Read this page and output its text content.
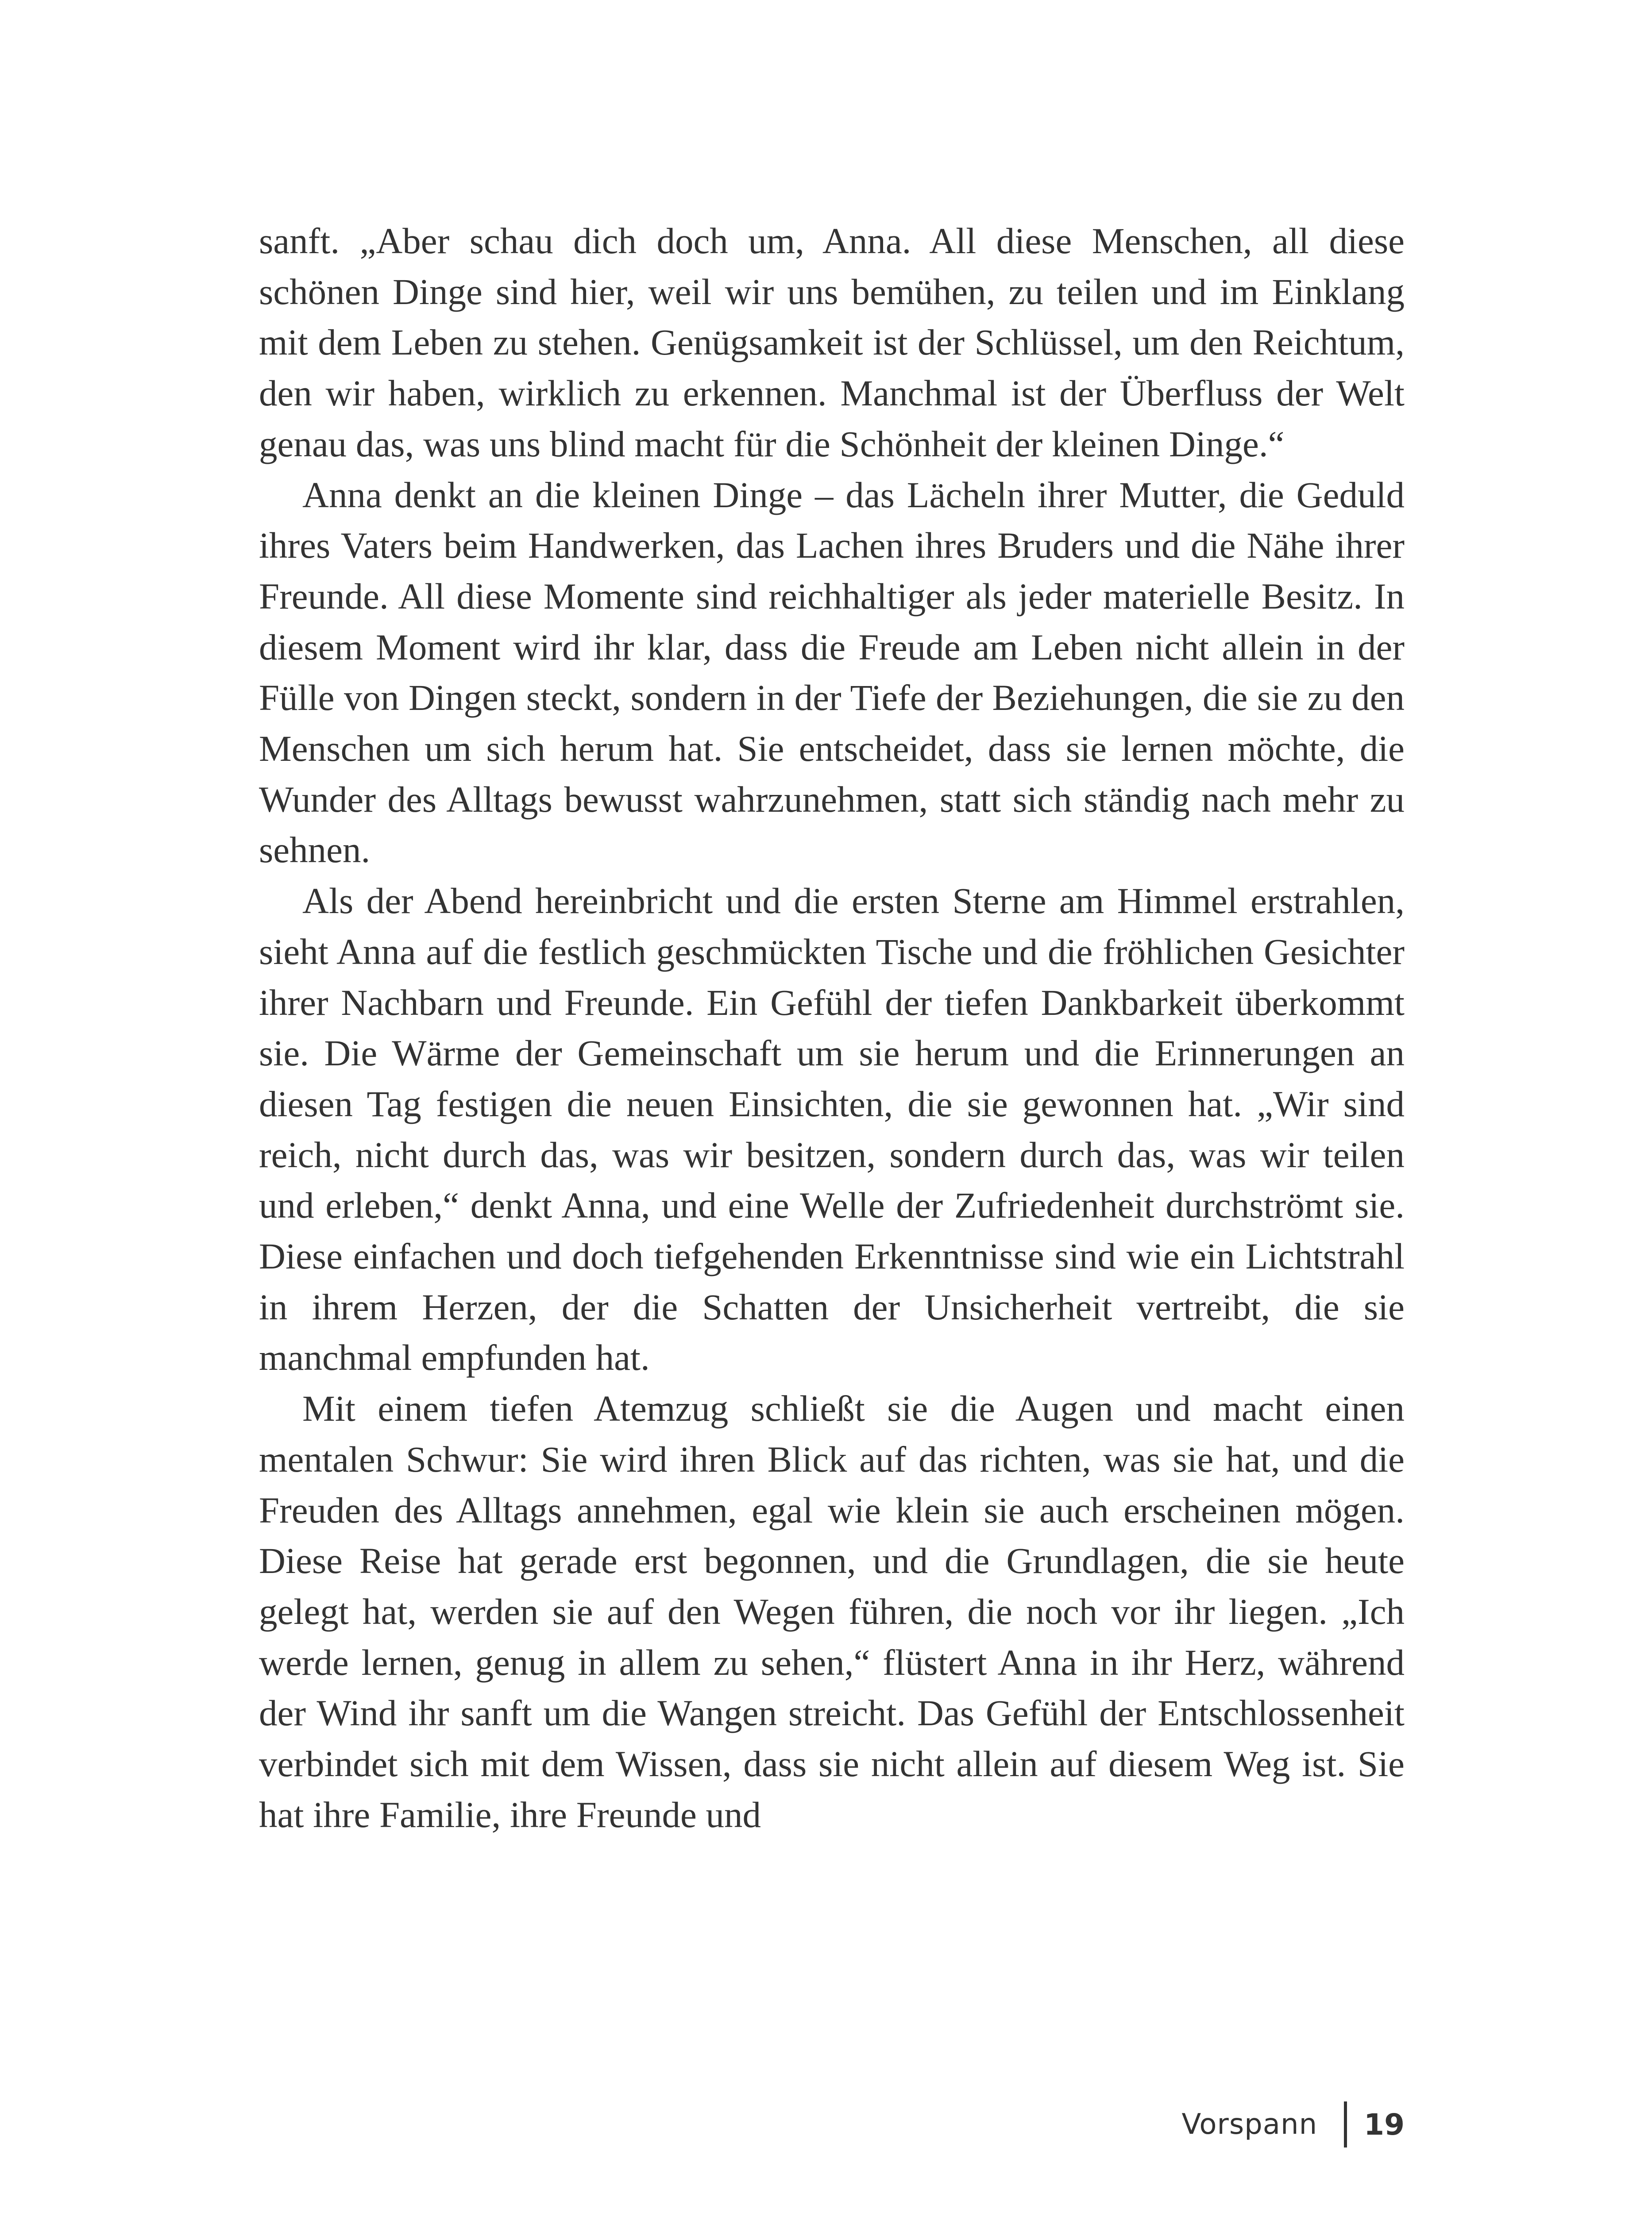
sanft. „Aber schau dich doch um, Anna. All diese Menschen, all diese schönen Dinge sind hier, weil wir uns bemühen, zu teilen und im Einklang mit dem Leben zu stehen. Genügsamkeit ist der Schlüssel, um den Reichtum, den wir haben, wirklich zu erkennen. Manchmal ist der Überfluss der Welt genau das, was uns blind macht für die Schönheit der kleinen Dinge.“

Anna denkt an die kleinen Dinge – das Lächeln ihrer Mutter, die Geduld ihres Vaters beim Handwerken, das Lachen ihres Bruders und die Nähe ihrer Freunde. All diese Momente sind reichhaltiger als jeder materielle Besitz. In diesem Moment wird ihr klar, dass die Freude am Leben nicht allein in der Fülle von Dingen steckt, sondern in der Tiefe der Beziehungen, die sie zu den Menschen um sich herum hat. Sie entscheidet, dass sie lernen möchte, die Wunder des Alltags bewusst wahrzunehmen, statt sich ständig nach mehr zu sehnen.

Als der Abend hereinbricht und die ersten Sterne am Himmel erstrahlen, sieht Anna auf die festlich geschmückten Tische und die fröhlichen Gesichter ihrer Nachbarn und Freunde. Ein Gefühl der tiefen Dankbarkeit überkommt sie. Die Wärme der Gemeinschaft um sie herum und die Erinnerungen an diesen Tag festigen die neuen Einsichten, die sie gewonnen hat. „Wir sind reich, nicht durch das, was wir besitzen, sondern durch das, was wir teilen und erleben,“ denkt Anna, und eine Welle der Zufriedenheit durchströmt sie. Diese einfachen und doch tiefgehenden Erkenntnisse sind wie ein Lichtstrahl in ihrem Herzen, der die Schatten der Unsicherheit vertreibt, die sie manchmal empfunden hat.

Mit einem tiefen Atemzug schließt sie die Augen und macht einen mentalen Schwur: Sie wird ihren Blick auf das richten, was sie hat, und die Freuden des Alltags annehmen, egal wie klein sie auch erscheinen mögen. Diese Reise hat gerade erst begonnen, und die Grundlagen, die sie heute gelegt hat, werden sie auf den Wegen führen, die noch vor ihr liegen. „Ich werde lernen, genug in allem zu sehen,“ flüstert Anna in ihr Herz, während der Wind ihr sanft um die Wangen streicht. Das Gefühl der Entschlossenheit verbindet sich mit dem Wissen, dass sie nicht allein auf diesem Weg ist. Sie hat ihre Familie, ihre Freunde und

Vorspann 19
